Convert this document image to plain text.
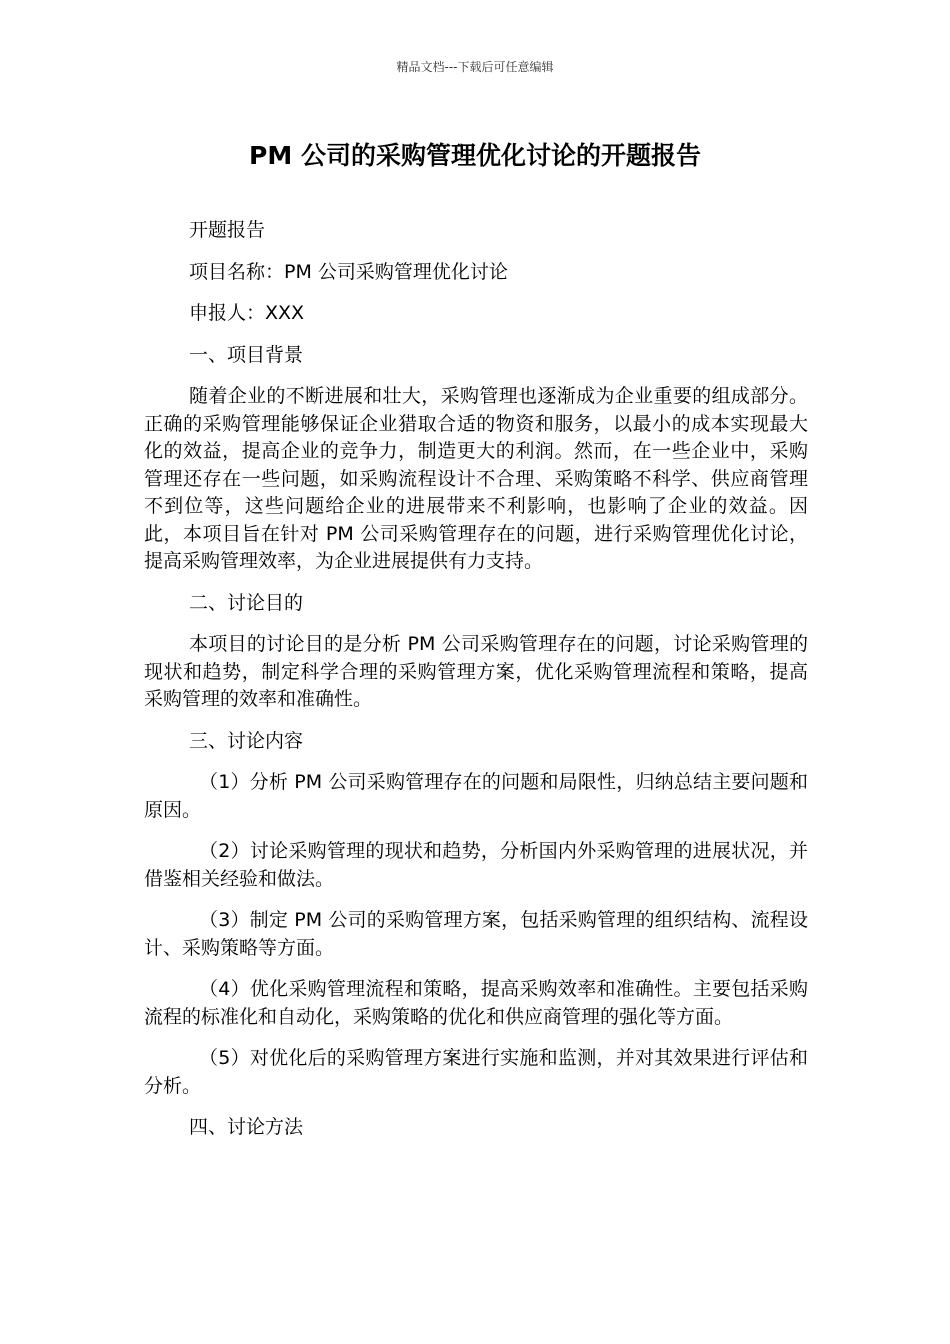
精品文档---下载后可任意编辑
PM 公司的采购管理优化讨论的开题报告

开题报告

项目名称：PM 公司采购管理优化讨论

申报人：XXX

一、项目背景

随着企业的不断进展和壮大，采购管理也逐渐成为企业重要的组成部分。正确的采购管理能够保证企业猎取合适的物资和服务，以最小的成本实现最大化的效益，提高企业的竞争力，制造更大的利润。然而，在一些企业中，采购管理还存在一些问题，如采购流程设计不合理、采购策略不科学、供应商管理不到位等，这些问题给企业的进展带来不利影响，也影响了企业的效益。因此，本项目旨在针对 PM 公司采购管理存在的问题，进行采购管理优化讨论，提高采购管理效率，为企业进展提供有力支持。

二、讨论目的

本项目的讨论目的是分析 PM 公司采购管理存在的问题，讨论采购管理的现状和趋势，制定科学合理的采购管理方案，优化采购管理流程和策略，提高采购管理的效率和准确性。

三、讨论内容

（1）分析 PM 公司采购管理存在的问题和局限性，归纳总结主要问题和原因。

（2）讨论采购管理的现状和趋势，分析国内外采购管理的进展状况，并借鉴相关经验和做法。

（3）制定 PM 公司的采购管理方案，包括采购管理的组织结构、流程设计、采购策略等方面。

（4）优化采购管理流程和策略，提高采购效率和准确性。主要包括采购流程的标准化和自动化，采购策略的优化和供应商管理的强化等方面。

（5）对优化后的采购管理方案进行实施和监测，并对其效果进行评估和分析。

四、讨论方法
